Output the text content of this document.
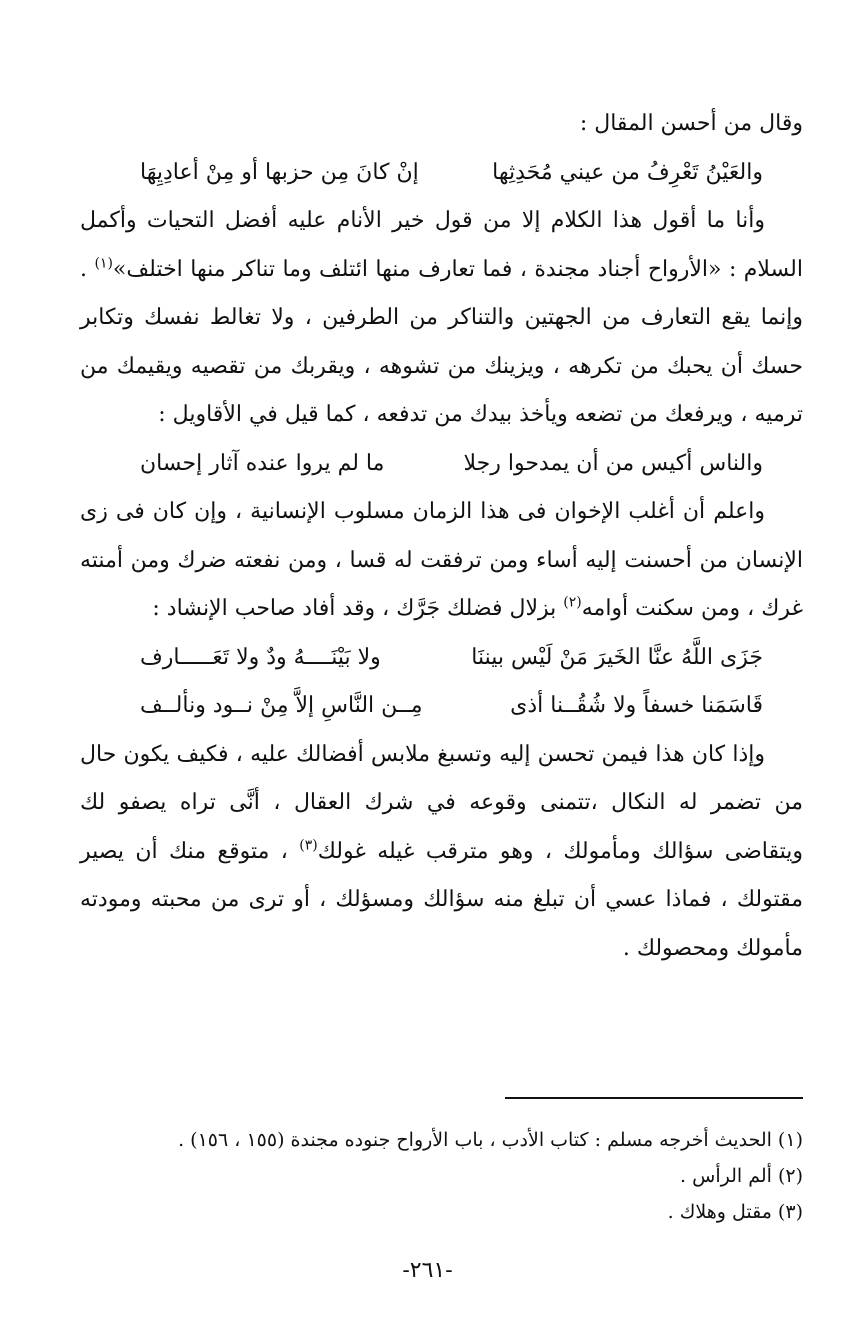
وقال من أحسن المقال :

والعَيْنُ تَعْرِفُ من عيني مُحَدِثِها
إنْ كانَ مِن حزبها أو مِنْ أعادِيِهَا

وأنا ما أقول هذا الكلام إلا من قول خير الأنام عليه أفضل التحيات وأكمل السلام : «الأرواح أجناد مجندة ، فما تعارف منها ائتلف وما تناكر منها اختلف»$^{(١)}$ . وإنما يقع التعارف من الجهتين والتناكر من الطرفين ، ولا تغالط نفسك وتكابر حسك أن يحبك من تكرهه ، ويزينك من تشوهه ، ويقربك من تقصيه ويقيمك من ترميه ، ويرفعك من تضعه ويأخذ بيدك من تدفعه ، كما قيل في الأقاويل :

والناس أكيس من أن يمدحوا رجلا
ما لم يروا عنده آثار إحسان

واعلم أن أغلب الإخوان فى هذا الزمان مسلوب الإنسانية ، وإن كان فى زى الإنسان من أحسنت إليه أساء ومن ترفقت له قسا ، ومن نفعته ضرك ومن أمنته غرك ، ومن سكنت أوامه$^{(٢)}$ بزلال فضلك جَرَّك ، وقد أفاد صاحب الإنشاد :

جَزَى اللَّهُ عنَّا الخَيرَ مَنْ لَيْس بيننَا
ولا بَيْنَــــهُ ودٌ ولا تَعَـــــارف
قَاسَمَنا خسفاً ولا شُقُــنا أذى
مِــن النَّاسِ إلاَّ مِنْ نــود ونألــف

وإذا كان هذا فيمن تحسن إليه وتسبغ ملابس أفضالك عليه ، فكيف يكون حال من تضمر له النكال ،تتمنى وقوعه في شرك العقال ، أنَّى تراه يصفو لك ويتقاضى سؤالك ومأمولك ، وهو مترقب غيله غولك$^{(٣)}$ ، متوقع منك أن يصير مقتولك ، فماذا عسي أن تبلغ منه سؤالك ومسؤلك ، أو ترى من محبته ومودته مأمولك ومحصولك .

(١) الحديث أخرجه مسلم : كتاب الأدب ، باب الأرواح جنوده مجندة (١٥٥ ، ١٥٦) .

(٢) ألم الرأس .

(٣) مقتل وهلاك .

-٢٦١-
